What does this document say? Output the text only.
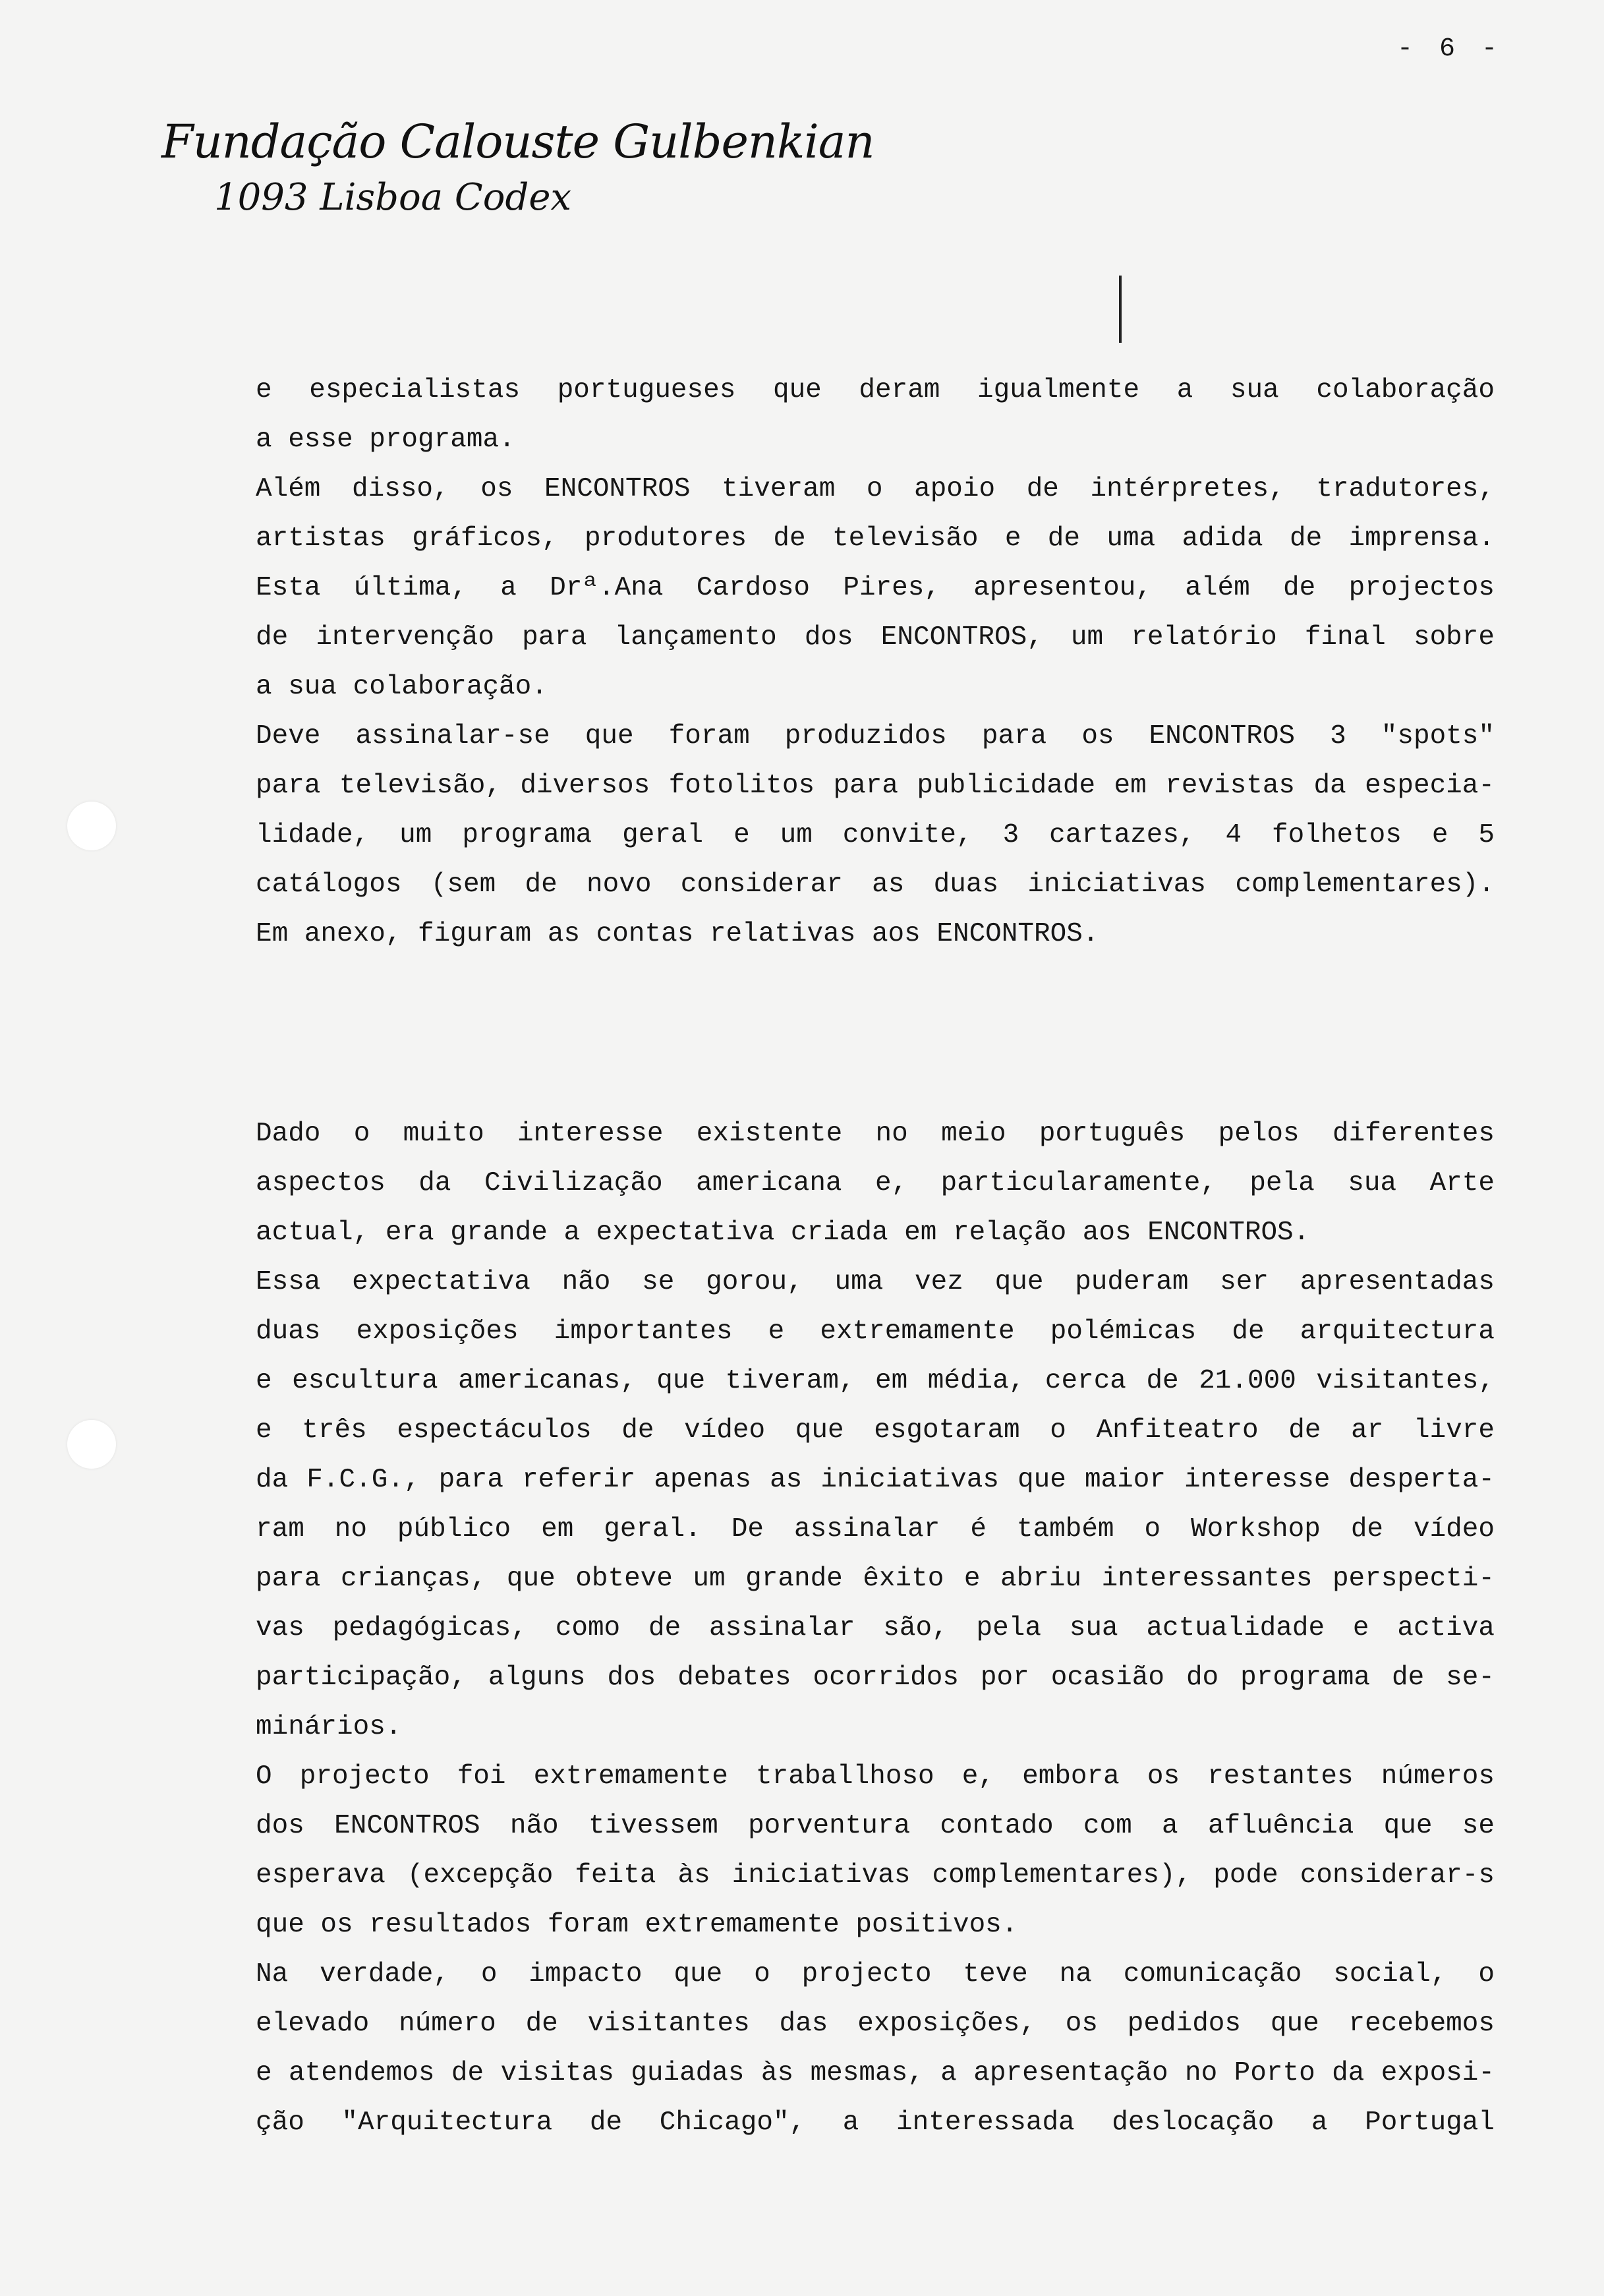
- 6 -
Fundação Calouste Gulbenkian
1093 Lisboa Codex
e especialistas portugueses que deram igualmente a sua colaboração
a esse programa.
Além disso, os ENCONTROS tiveram o apoio de intérpretes, tradutores,
artistas gráficos, produtores de televisão e de uma adida de imprensa.
Esta última, a Drª.Ana Cardoso Pires, apresentou, além de projectos
de intervenção para lançamento dos ENCONTROS, um relatório final sobre
a sua colaboração.
Deve assinalar-se que foram produzidos para os ENCONTROS 3 "spots"
para televisão, diversos fotolitos para publicidade em revistas da especia-
lidade, um programa geral e um convite, 3 cartazes, 4 folhetos e 5
catálogos (sem de novo considerar as duas iniciativas complementares).
Em anexo, figuram as contas relativas aos ENCONTROS.
Dado o muito interesse existente no meio português pelos diferentes
aspectos da Civilização americana e, particularamente, pela sua Arte
actual, era grande a expectativa criada em relação aos ENCONTROS.
Essa expectativa não se gorou, uma vez que puderam ser apresentadas
duas exposições importantes e extremamente polémicas de arquitectura
e escultura americanas, que tiveram, em média, cerca de 21.000 visitantes,
e três espectáculos de vídeo que esgotaram o Anfiteatro de ar livre
da F.C.G., para referir apenas as iniciativas que maior interesse desperta-
ram no público em geral. De assinalar é também o Workshop de vídeo
para crianças, que obteve um grande êxito e abriu interessantes perspecti-
vas pedagógicas, como de assinalar são, pela sua actualidade e activa
participação, alguns dos debates ocorridos por ocasião do programa de se-
minários.
O projecto foi extremamente traballhoso e, embora os restantes números
dos ENCONTROS não tivessem porventura contado com a afluência que se
esperava (excepção feita às iniciativas complementares), pode considerar-s
que os resultados foram extremamente positivos.
Na verdade, o impacto que o projecto teve na comunicação social, o
elevado número de visitantes das exposições, os pedidos que recebemos
e atendemos de visitas guiadas às mesmas, a apresentação no Porto da exposi-
ção "Arquitectura de Chicago", a interessada deslocação a Portugal
